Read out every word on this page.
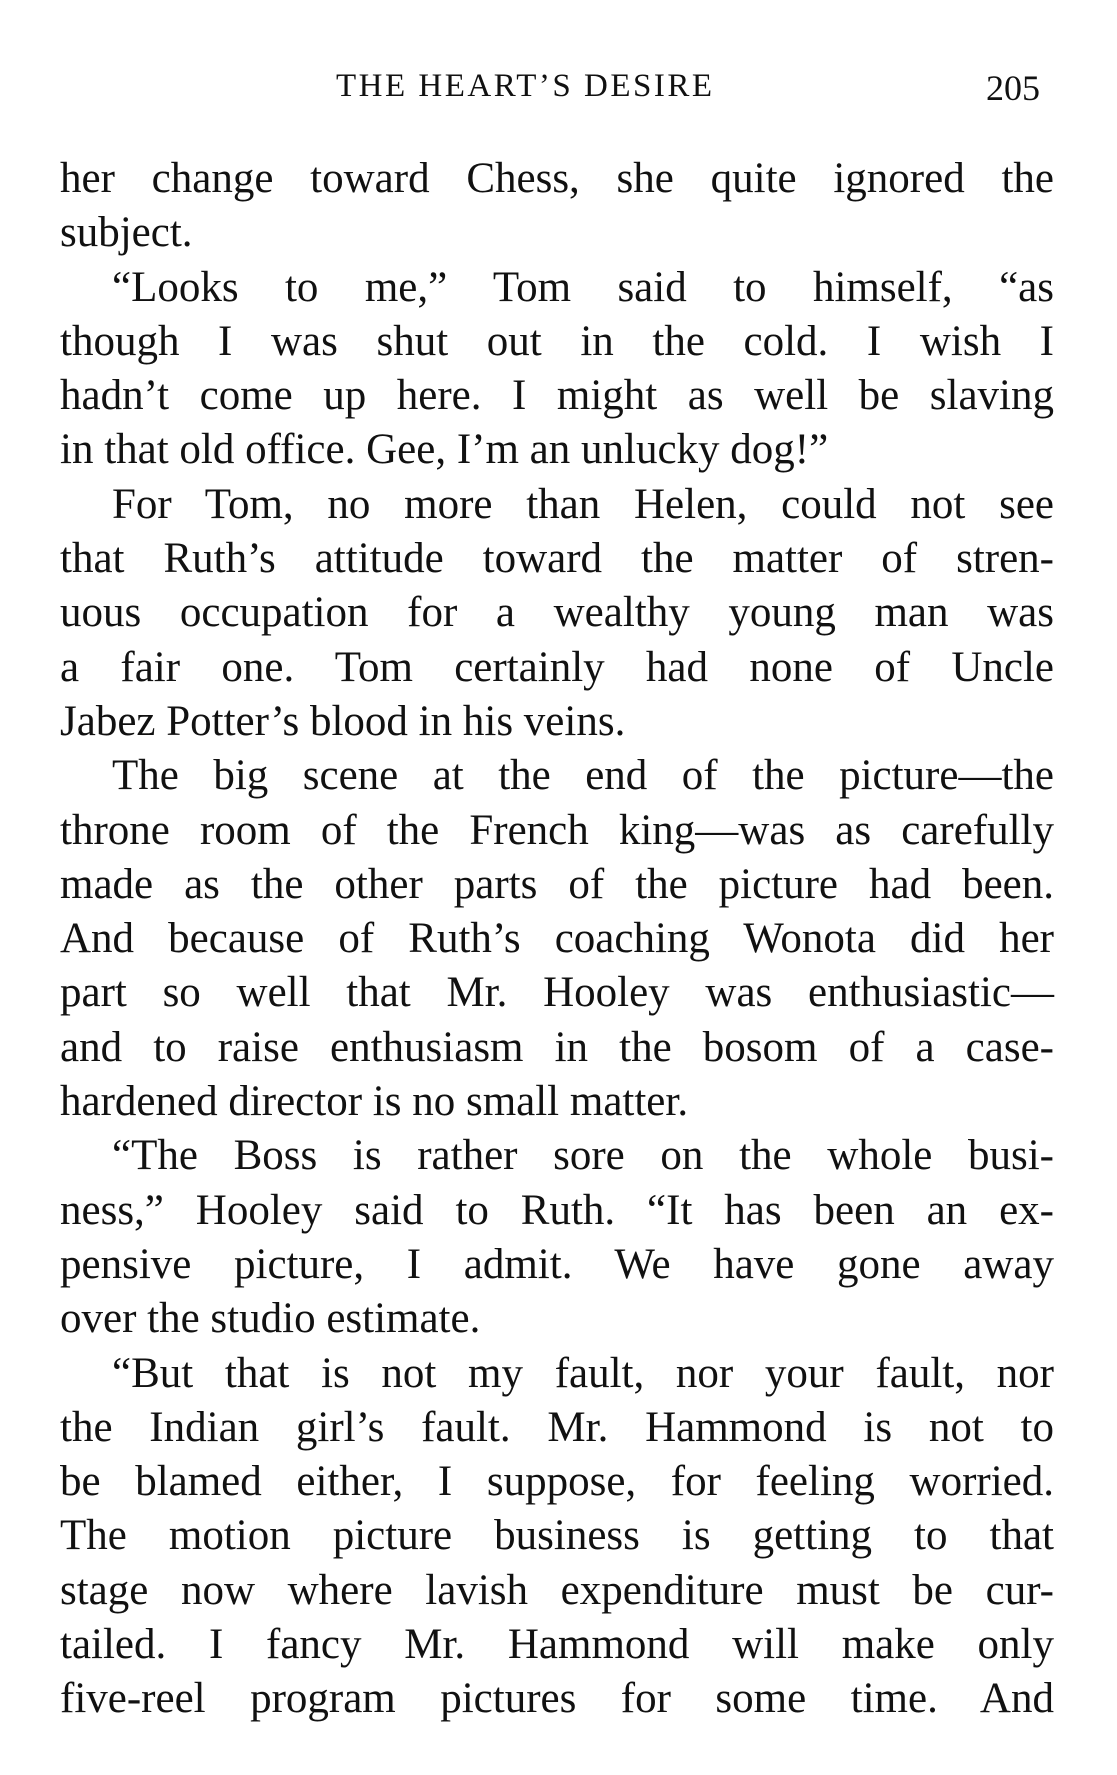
THE HEART’S DESIRE	205
her change toward Chess, she quite ignored the
subject.
“Looks to me,” Tom said to himself, “as
though I was shut out in the cold. I wish I
hadn’t come up here. I might as well be slaving
in that old office. Gee, I’m an unlucky dog!”
For Tom, no more than Helen, could not see
that Ruth’s attitude toward the matter of stren-
uous occupation for a wealthy young man was
a fair one. Tom certainly had none of Uncle
Jabez Potter’s blood in his veins.
The big scene at the end of the picture—the
throne room of the French king—was as carefully
made as the other parts of the picture had been.
And because of Ruth’s coaching Wonota did her
part so well that Mr. Hooley was enthusiastic—
and to raise enthusiasm in the bosom of a case-
hardened director is no small matter.
“The Boss is rather sore on the whole busi-
ness,” Hooley said to Ruth. “It has been an ex-
pensive picture, I admit. We have gone away
over the studio estimate.
“But that is not my fault, nor your fault, nor
the Indian girl’s fault. Mr. Hammond is not to
be blamed either, I suppose, for feeling worried.
The motion picture business is getting to that
stage now where lavish expenditure must be cur-
tailed. I fancy Mr. Hammond will make only
five-reel program pictures for some time. And
